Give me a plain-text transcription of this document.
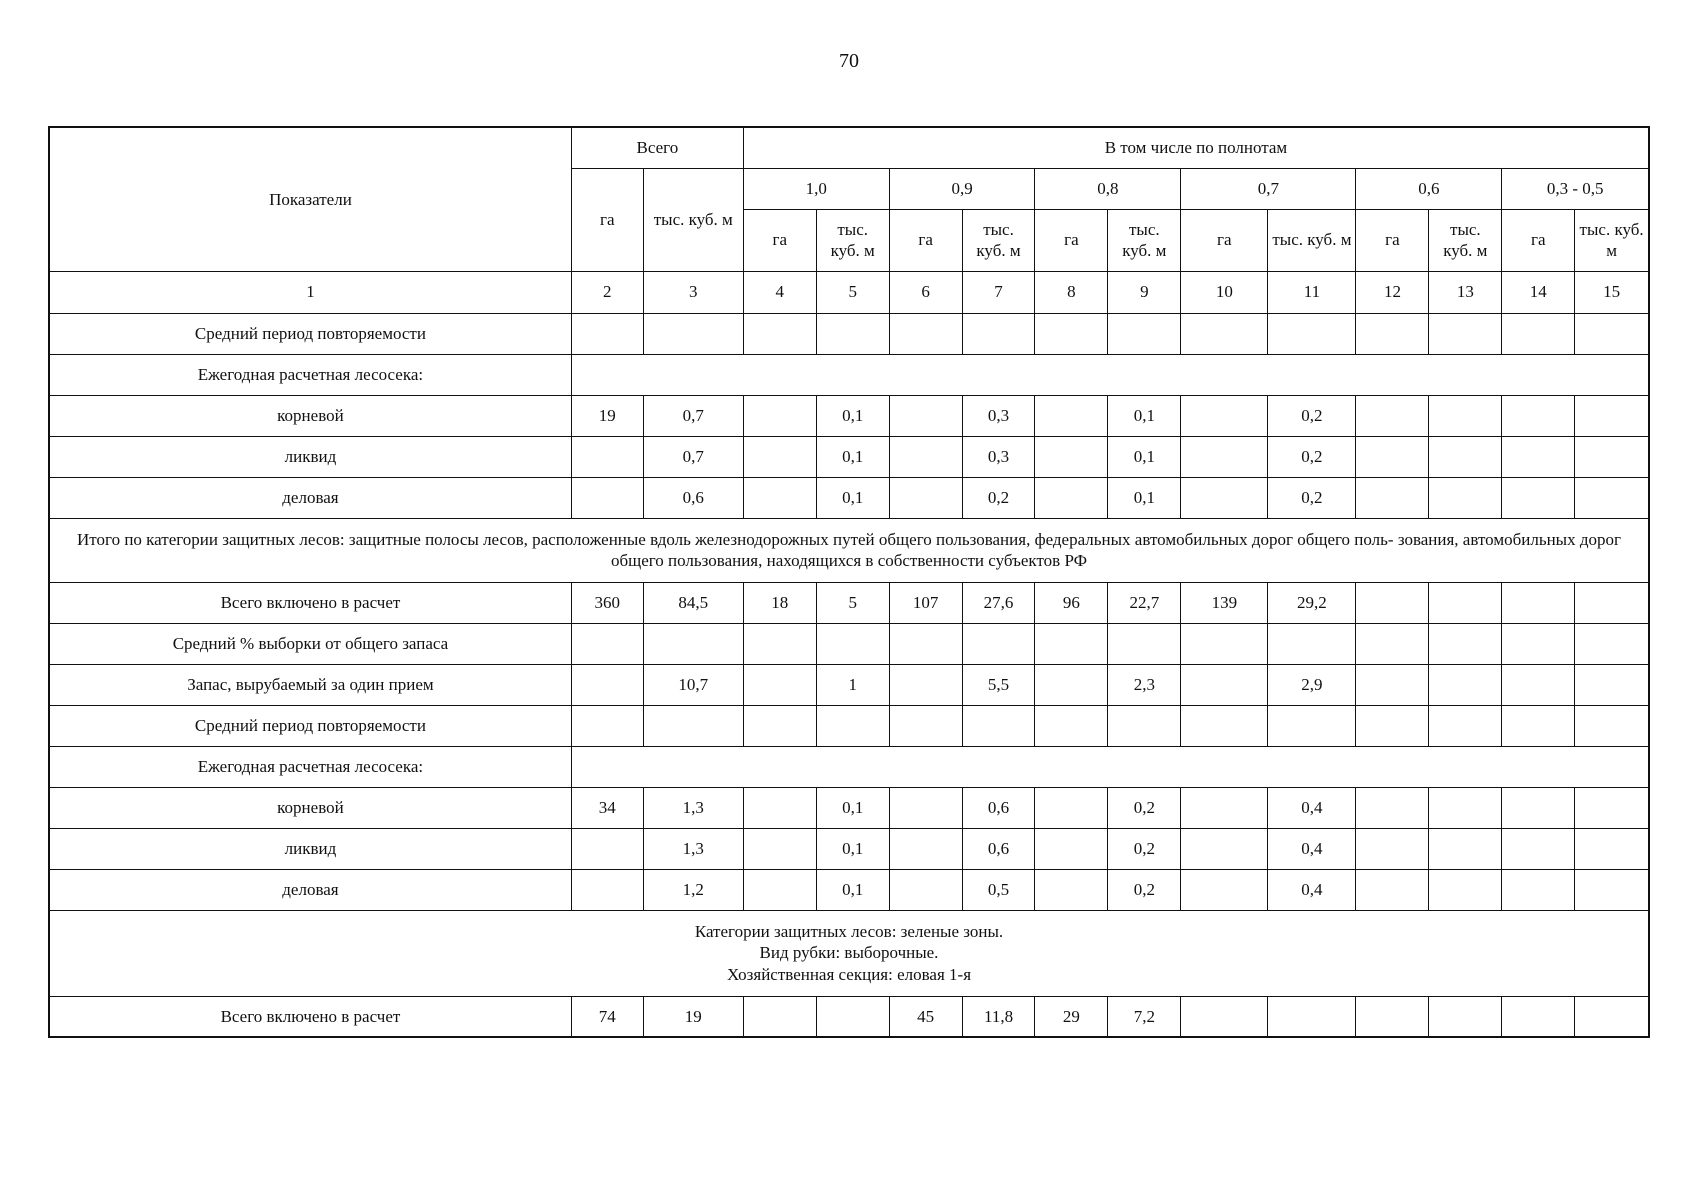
70
Показатели	Всего		В том числе по полнотам											
	га	тыс. куб. м	1,0		0,9		0,8		0,7		0,6		0,3 - 0,5	
			га	тыс. куб. м	га	тыс. куб. м	га	тыс. куб. м	га	тыс. куб. м	га	тыс. куб. м	га	тыс. куб. м
1	2	3	4	5	6	7	8	9	10	11	12	13	14	15
Средний период повторяемости														
Ежегодная расчетная лесосека:														
корневой	19	0,7		0,1		0,3		0,1		0,2				
ликвид		0,7		0,1		0,3		0,1		0,2				
деловая		0,6		0,1		0,2		0,1		0,2				
Итого по категории защитных лесов: защитные полосы лесов, расположенные вдоль железнодорожных путей общего пользования, федеральных автомобильных дорог общего поль- зования, автомобильных дорог общего пользования, находящихся в собственности субъектов РФ														
Всего включено в расчет	360	84,5	18	5	107	27,6	96	22,7	139	29,2				
Средний % выборки от общего запаса														
Запас, вырубаемый за один прием		10,7		1		5,5		2,3		2,9				
Средний период повторяемости														
Ежегодная расчетная лесосека:														
корневой	34	1,3		0,1		0,6		0,2		0,4				
ликвид		1,3		0,1		0,6		0,2		0,4				
деловая		1,2		0,1		0,5		0,2		0,4				

Категории защитных лесов: зеленые зоны.
Вид рубки: выборочные.
Хозяйственная секция: еловая 1-я														

Всего включено в расчет	74	19			45	11,8	29	7,2						
